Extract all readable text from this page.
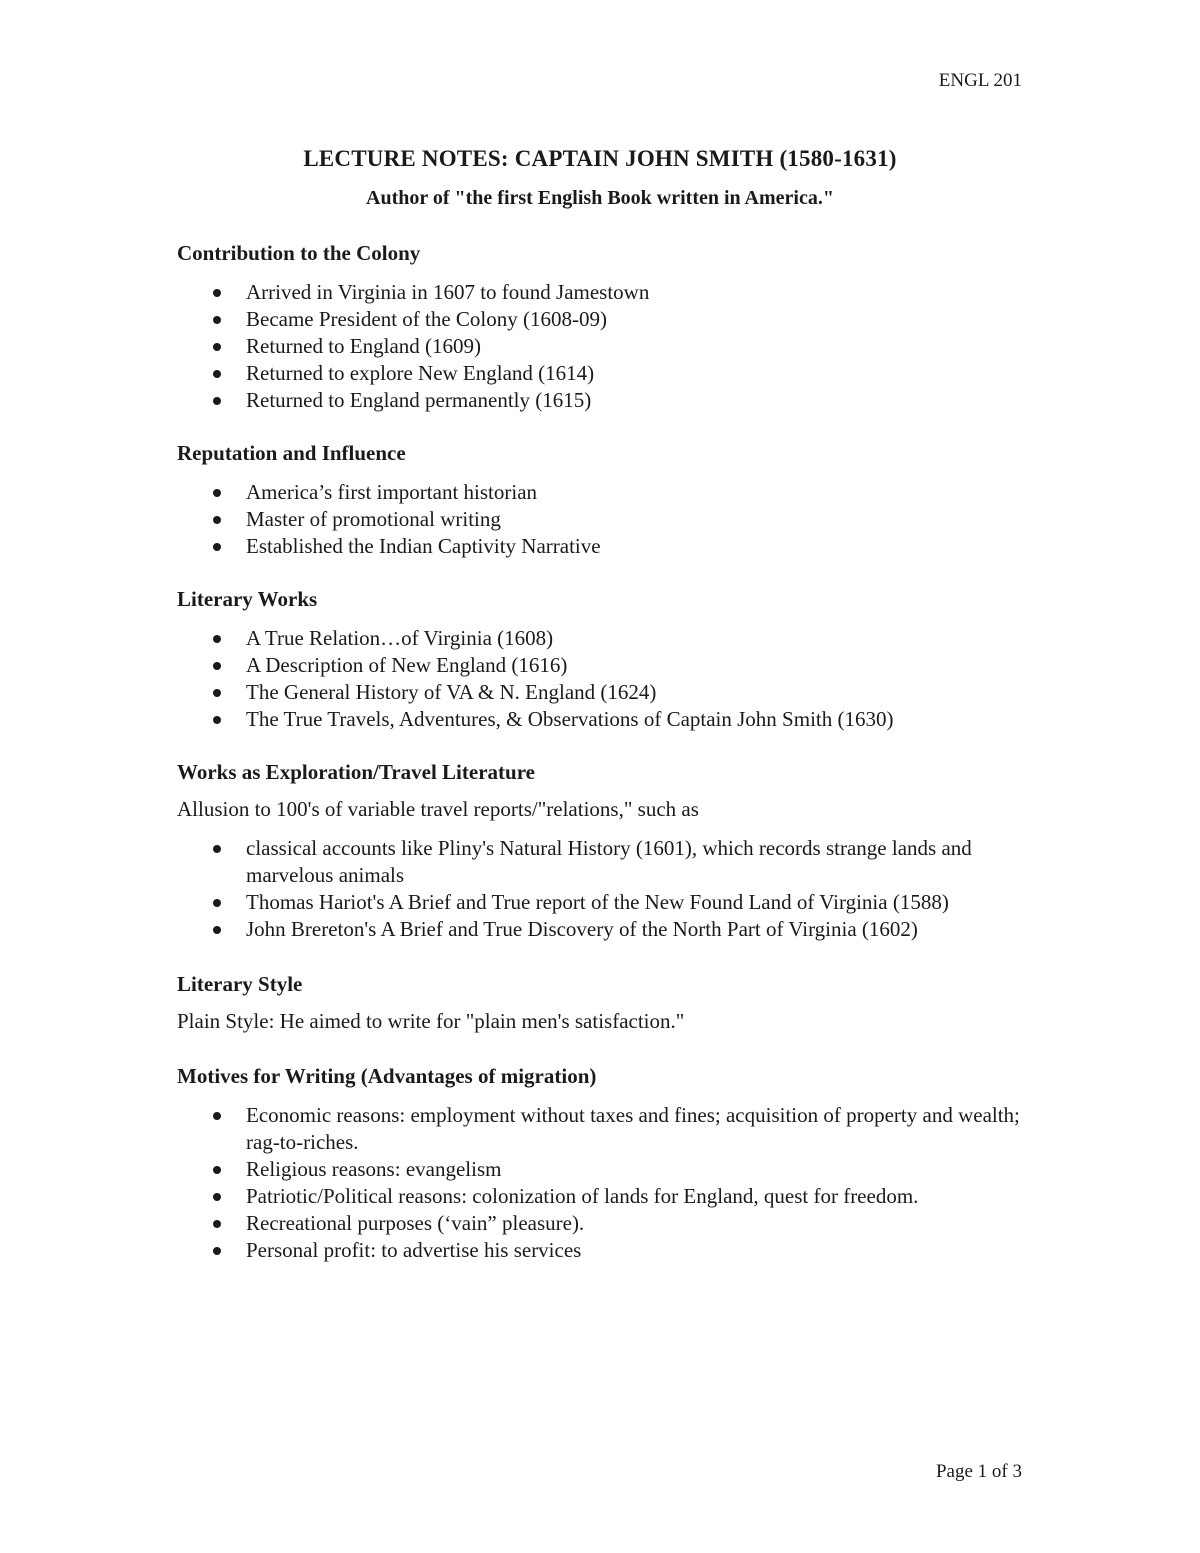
ENGL 201
LECTURE NOTES: CAPTAIN JOHN SMITH (1580-1631)
Author of "the first English Book written in America."
Contribution to the Colony
Arrived in Virginia in 1607 to found Jamestown
Became President of the Colony (1608-09)
Returned to England (1609)
Returned to explore New England (1614)
Returned to England permanently (1615)
Reputation and Influence
America’s first important historian
Master of promotional writing
Established the Indian Captivity Narrative
Literary Works
A True Relation…of Virginia (1608)
A Description of New England (1616)
The General History of VA & N. England (1624)
The True Travels, Adventures, & Observations of Captain John Smith (1630)
Works as Exploration/Travel Literature
Allusion to 100's of variable travel reports/"relations," such as
classical accounts like Pliny's Natural History (1601), which records strange lands and marvelous animals
Thomas Hariot's A Brief and True report of the New Found Land of Virginia (1588)
John Brereton's A Brief and True Discovery of the North Part of Virginia (1602)
Literary Style
Plain Style: He aimed to write for "plain men's satisfaction."
Motives for Writing (Advantages of migration)
Economic reasons: employment without taxes and fines; acquisition of property and wealth; rag-to-riches.
Religious reasons: evangelism
Patriotic/Political reasons: colonization of lands for England, quest for freedom.
Recreational purposes (‘vain” pleasure).
Personal profit: to advertise his services
Page 1 of 3
